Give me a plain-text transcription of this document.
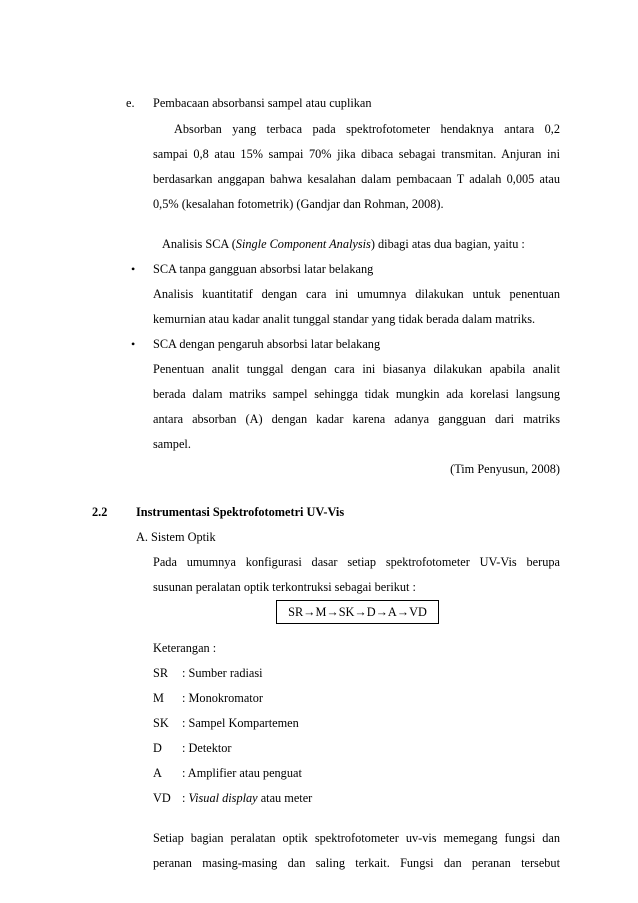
e. Pembacaan absorbansi sampel atau cuplikan
Absorban yang terbaca pada spektrofotometer hendaknya antara 0,2
sampai 0,8 atau 15% sampai 70% jika dibaca sebagai transmitan. Anjuran ini
berdasarkan anggapan bahwa kesalahan dalam pembacaan T adalah 0,005 atau
0,5% (kesalahan fotometrik) (Gandjar dan Rohman, 2008).
Analisis SCA (Single Component Analysis) dibagi atas dua bagian, yaitu :
• SCA tanpa gangguan absorbsi latar belakang
Analisis kuantitatif dengan cara ini umumnya dilakukan untuk penentuan
kemurnian atau kadar analit tunggal standar yang tidak berada dalam matriks.
• SCA dengan pengaruh absorbsi latar belakang
Penentuan analit tunggal dengan cara ini biasanya dilakukan apabila analit
berada dalam matriks sampel sehingga tidak mungkin ada korelasi langsung
antara absorban (A) dengan kadar karena adanya gangguan dari matriks
sampel.
(Tim Penyusun, 2008)
2.2 Instrumentasi Spektrofotometri UV-Vis
A. Sistem Optik
Pada umumnya konfigurasi dasar setiap spektrofotometer UV-Vis berupa
susunan peralatan optik terkontruksi sebagai berikut :
SR→M→SK→D→A→VD
Keterangan :
SR : Sumber radiasi
M : Monokromator
SK : Sampel Kompartemen
D : Detektor
A : Amplifier atau penguat
VD : Visual display atau meter
Setiap bagian peralatan optik spektrofotometer uv-vis memegang fungsi dan
peranan masing-masing dan saling terkait. Fungsi dan peranan tersebut
